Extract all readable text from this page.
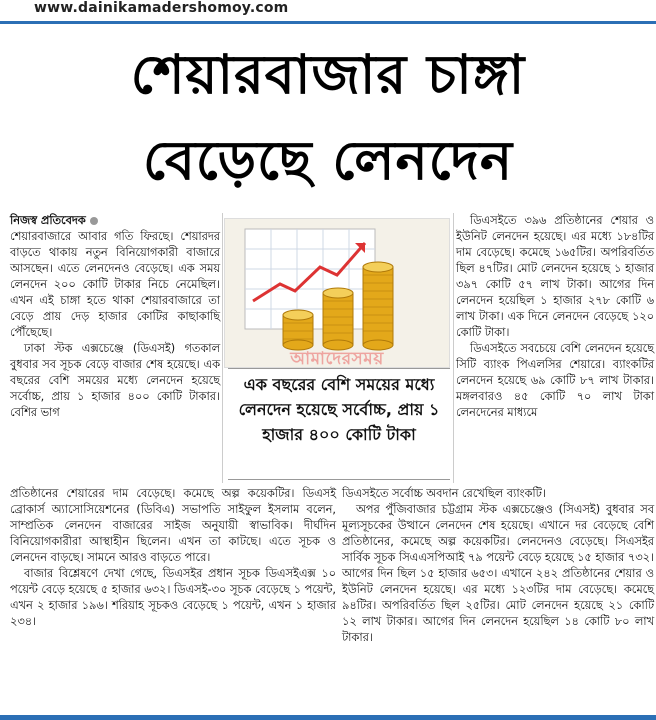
www.dainikamadershomoy.com
শেয়ারবাজার চাঙ্গা
বেড়েছে লেনদেন

নিজস্ব প্রতিবেদক

শেয়ারবাজারে আবার গতি ফিরছে। শেয়ারদর বাড়তে থাকায় নতুন বিনিয়োগকারী বাজারে আসছেন। এতে লেনদেনও বেড়েছে। এক সময় লেনদেন ২০০ কোটি টাকার নিচে নেমেছিল। এখন এই চাঙ্গা হতে থাকা শেয়ারবাজারে তা বেড়ে প্রায় দেড় হাজার কোটির কাছাকাছি পৌঁছেছে।

ঢাকা স্টক এক্সচেঞ্জে (ডিএসই) গতকাল বুধবার সব সূচক বেড়ে বাজার শেষ হয়েছে। এক বছরের বেশি সময়ের মধ্যে লেনদেন হয়েছে সর্বোচ্চ, প্রায় ১ হাজার ৪০০ কোটি টাকার। বেশির ভাগ

আমাদেরসময়
এক বছরের বেশি সময়ের মধ্যে লেনদেন হয়েছে সর্বোচ্চ, প্রায় ১ হাজার ৪০০ কোটি টাকা

ডিএসইতে ৩৯৬ প্রতিষ্ঠানের শেয়ার ও ইউনিট লেনদেন হয়েছে। এর মধ্যে ১৮৪টির দাম বেড়েছে। কমেছে ১৬৫টির। অপরিবর্তিত ছিল ৪৭টির। মোট লেনদেন হয়েছে ১ হাজার ৩৯৭ কোটি ৫৭ লাখ টাকা। আগের দিন লেনদেন হয়েছিল ১ হাজার ২৭৮ কোটি ৬ লাখ টাকা। এক দিনে লেনদেন বেড়েছে ১২০ কোটি টাকা।

ডিএসইতে সবচেয়ে বেশি লেনদেন হয়েছে সিটি ব্যাংক পিএলসির শেয়ারে। ব্যাংকটির লেনদেন হয়েছে ৬৯ কোটি ৮৭ লাখ টাকার। মঙ্গলবারও ৪৫ কোটি ৭০ লাখ টাকা লেনদেনের মাধ্যমে

প্রতিষ্ঠানের শেয়ারের দাম বেড়েছে। কমেছে অল্প কয়েকটির। ডিএসই ব্রোকার্স অ্যাসোসিয়েশনের (ডিবিএ) সভাপতি সাইফুল ইসলাম বলেন, সাম্প্রতিক লেনদেন বাজারের সাইজ অনুযায়ী স্বাভাবিক। দীর্ঘদিন বিনিয়োগকারীরা আস্থাহীন ছিলেন। এখন তা কাটছে। এতে সূচক ও লেনদেন বাড়ছে। সামনে আরও বাড়তে পারে।

বাজার বিশ্লেষণে দেখা গেছে, ডিএসইর প্রধান সূচক ডিএসইএক্স ১০ পয়েন্ট বেড়ে হয়েছে ৫ হাজার ৬৩২। ডিএসই-৩০ সূচক বেড়েছে ১ পয়েন্ট, এখন ২ হাজার ১৯৬। শরিয়াহ সূচকও বেড়েছে ১ পয়েন্ট, এখন ১ হাজার ২৩৪।

ডিএসইতে সর্বোচ্চ অবদান রেখেছিল ব্যাংকটি।

অপর পুঁজিবাজার চট্টগ্রাম স্টক এক্সচেঞ্জেও (সিএসই) বুধবার সব মূল্যসূচকের উত্থানে লেনদেন শেষ হয়েছে। এখানে দর বেড়েছে বেশি প্রতিষ্ঠানের, কমেছে অল্প কয়েকটির। লেনদেনও বেড়েছে। সিএসইর সার্বিক সূচক সিএএসপিআই ৭৯ পয়েন্ট বেড়ে হয়েছে ১৫ হাজার ৭৩২। আগের দিন ছিল ১৫ হাজার ৬৫৩। এখানে ২৪২ প্রতিষ্ঠানের শেয়ার ও ইউনিট লেনদেন হয়েছে। এর মধ্যে ১২৩টির দাম বেড়েছে। কমেছে ৯৪টির। অপরিবর্তিত ছিল ২৫টির। মোট লেনদেন হয়েছে ২১ কোটি ১২ লাখ টাকার। আগের দিন লেনদেন হয়েছিল ১৪ কোটি ৮০ লাখ টাকার।
